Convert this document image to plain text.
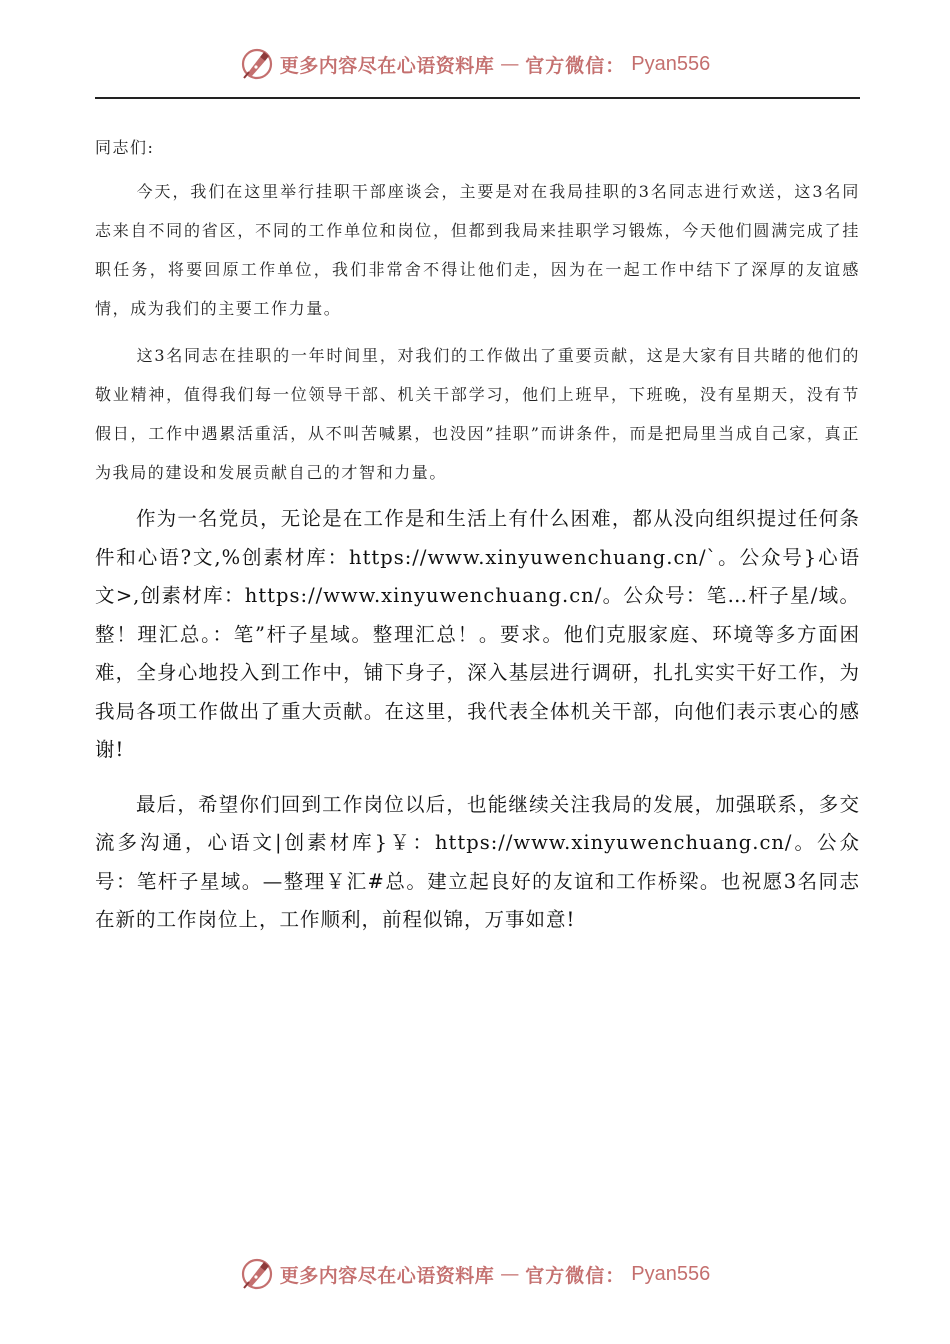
更多内容尽在心语资料库 — 官方微信： Pyan556

同志们:

今天，我们在这里举行挂职干部座谈会，主要是对在我局挂职的3名同志进行欢送，这3名同志来自不同的省区，不同的工作单位和岗位，但都到我局来挂职学习锻炼，今天他们圆满完成了挂职任务，将要回原工作单位，我们非常舍不得让他们走，因为在一起工作中结下了深厚的友谊感情，成为我们的主要工作力量。

这3名同志在挂职的一年时间里，对我们的工作做出了重要贡献，这是大家有目共睹的他们的敬业精神，值得我们每一位领导干部、机关干部学习，他们上班早，下班晚，没有星期天，没有节假日，工作中遇累活重活，从不叫苦喊累，也没因”挂职”而讲条件，而是把局里当成自己家，真正为我局的建设和发展贡献自己的才智和力量。

作为一名党员，无论是在工作是和生活上有什么困难，都从没向组织提过任何条件和心语?文,%创素材库：https://www.xinyuwenchuang.cn/`。公众号}心语文>,创素材库：https://www.xinyuwenchuang.cn/。公众号：笔…杆子星/域。整！理汇总。：笔”杆子星域。整理汇总！。要求。他们克服家庭、环境等多方面困难，全身心地投入到工作中，铺下身子，深入基层进行调研，扎扎实实干好工作，为我局各项工作做出了重大贡献。在这里，我代表全体机关干部，向他们表示衷心的感谢!

最后，希望你们回到工作岗位以后，也能继续关注我局的发展，加强联系，多交流多沟通，心语文|创素材库}￥：https://www.xinyuwenchuang.cn/。公众号：笔杆子星域。—整理￥汇#总。建立起良好的友谊和工作桥梁。也祝愿3名同志在新的工作岗位上，工作顺利，前程似锦，万事如意!

更多内容尽在心语资料库 — 官方微信： Pyan556
